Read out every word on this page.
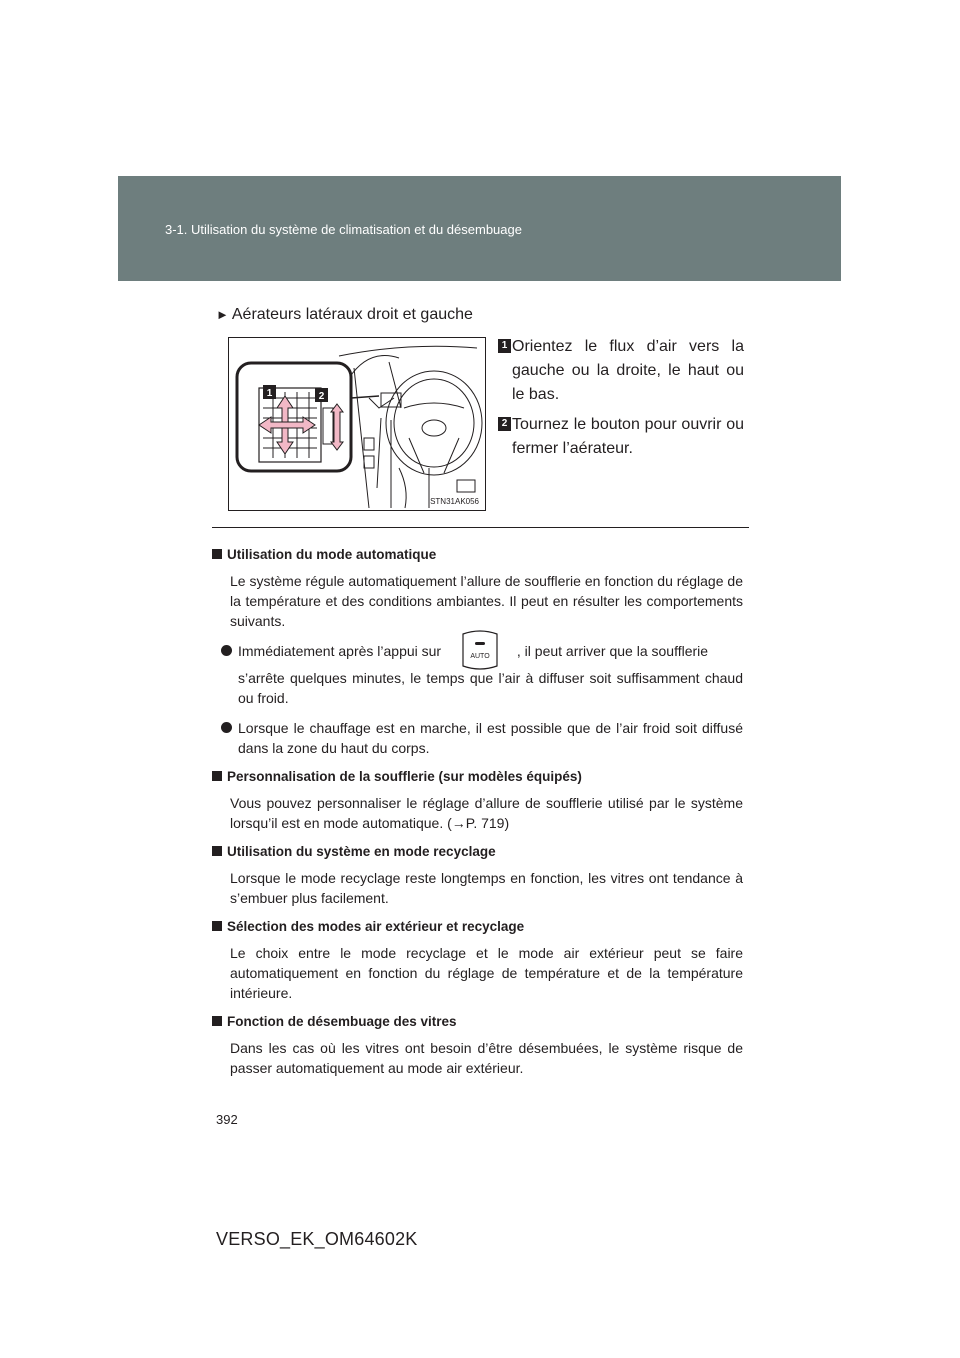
3-1. Utilisation du système de climatisation et du désembuage
► Aérateurs latéraux droit et gauche
1	2
STN31AK056
1 Orientez le flux d’air vers la gauche ou la droite, le haut ou le bas.
2 Tournez le bouton pour ouvrir ou fermer l’aérateur.
Utilisation du mode automatique
Le système régule automatiquement l’allure de soufflerie en fonction du réglage de la température et des conditions ambiantes. Il peut en résulter les comportements suivants.
Immédiatement après l’appui sur	AUTO , il peut arriver que la soufflerie
s’arrête quelques minutes, le temps que l’air à diffuser soit suffisamment chaud ou froid.
Lorsque le chauffage est en marche, il est possible que de l’air froid soit diffusé dans la zone du haut du corps.
Personnalisation de la soufflerie (sur modèles équipés)
Vous pouvez personnaliser le réglage d’allure de soufflerie utilisé par le système lorsqu’il est en mode automatique. (→P. 719)
Utilisation du système en mode recyclage
Lorsque le mode recyclage reste longtemps en fonction, les vitres ont tendance à s’embuer plus facilement.
Sélection des modes air extérieur et recyclage
Le choix entre le mode recyclage et le mode air extérieur peut se faire automatiquement en fonction du réglage de température et de la température intérieure.
Fonction de désembuage des vitres
Dans les cas où les vitres ont besoin d’être désembuées, le système risque de passer automatiquement au mode air extérieur.
392
VERSO_EK_OM64602K
